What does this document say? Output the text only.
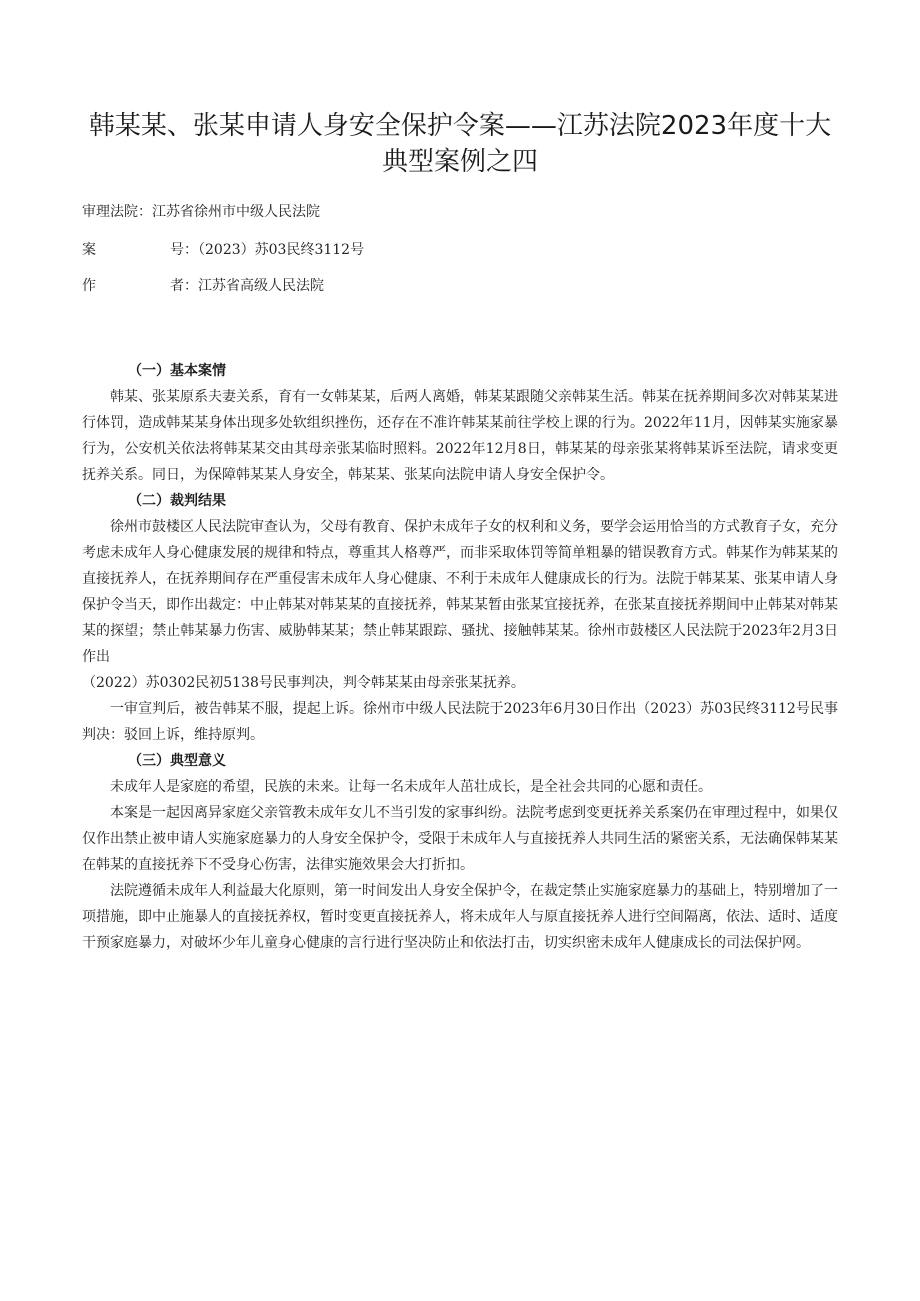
韩某某、张某申请人身安全保护令案——江苏法院2023年度十大典型案例之四
审理法院：江苏省徐州市中级人民法院
案	号：（2023）苏03民终3112号
作	者：江苏省高级人民法院
（一）基本案情

韩某、张某原系夫妻关系，育有一女韩某某，后两人离婚，韩某某跟随父亲韩某生活。韩某在抚养期间多次对韩某某进行体罚，造成韩某某身体出现多处软组织挫伤，还存在不准许韩某某前往学校上课的行为。2022年11月，因韩某实施家暴行为，公安机关依法将韩某某交由其母亲张某临时照料。2022年12月8日，韩某某的母亲张某将韩某诉至法院，请求变更抚养关系。同日，为保障韩某某人身安全，韩某某、张某向法院申请人身安全保护令。

（二）裁判结果

徐州市鼓楼区人民法院审查认为，父母有教育、保护未成年子女的权利和义务，要学会运用恰当的方式教育子女，充分考虑未成年人身心健康发展的规律和特点，尊重其人格尊严，而非采取体罚等简单粗暴的错误教育方式。韩某作为韩某某的直接抚养人，在抚养期间存在严重侵害未成年人身心健康、不利于未成年人健康成长的行为。法院于韩某某、张某申请人身保护令当天，即作出裁定：中止韩某对韩某某的直接抚养，韩某某暂由张某宜接抚养，在张某直接抚养期间中止韩某对韩某某的探望；禁止韩某暴力伤害、威胁韩某某；禁止韩某跟踪、骚扰、接触韩某某。徐州市鼓楼区人民法院于2023年2月3日作出

（2022）苏0302民初5138号民事判决，判令韩某某由母亲张某抚养。

一审宣判后，被告韩某不服，提起上诉。徐州市中级人民法院于2023年6月30日作出（2023）苏03民终3112号民事判决：驳回上诉，维持原判。

（三）典型意义

未成年人是家庭的希望，民族的未来。让每一名未成年人茁壮成长，是全社会共同的心愿和责任。

本案是一起因离异家庭父亲管教未成年女儿不当引发的家事纠纷。法院考虑到变更抚养关系案仍在审理过程中，如果仅仅作出禁止被申请人实施家庭暴力的人身安全保护令，受限于未成年人与直接抚养人共同生活的紧密关系，无法确保韩某某在韩某的直接抚养下不受身心伤害，法律实施效果会大打折扣。

法院遵循未成年人利益最大化原则，第一时间发出人身安全保护令，在裁定禁止实施家庭暴力的基础上，特别增加了一项措施，即中止施暴人的直接抚养权，暂时变更直接抚养人，将未成年人与原直接抚养人进行空间隔离，依法、适时、适度干预家庭暴力，对破坏少年儿童身心健康的言行进行坚决防止和依法打击，切实织密未成年人健康成长的司法保护网。
